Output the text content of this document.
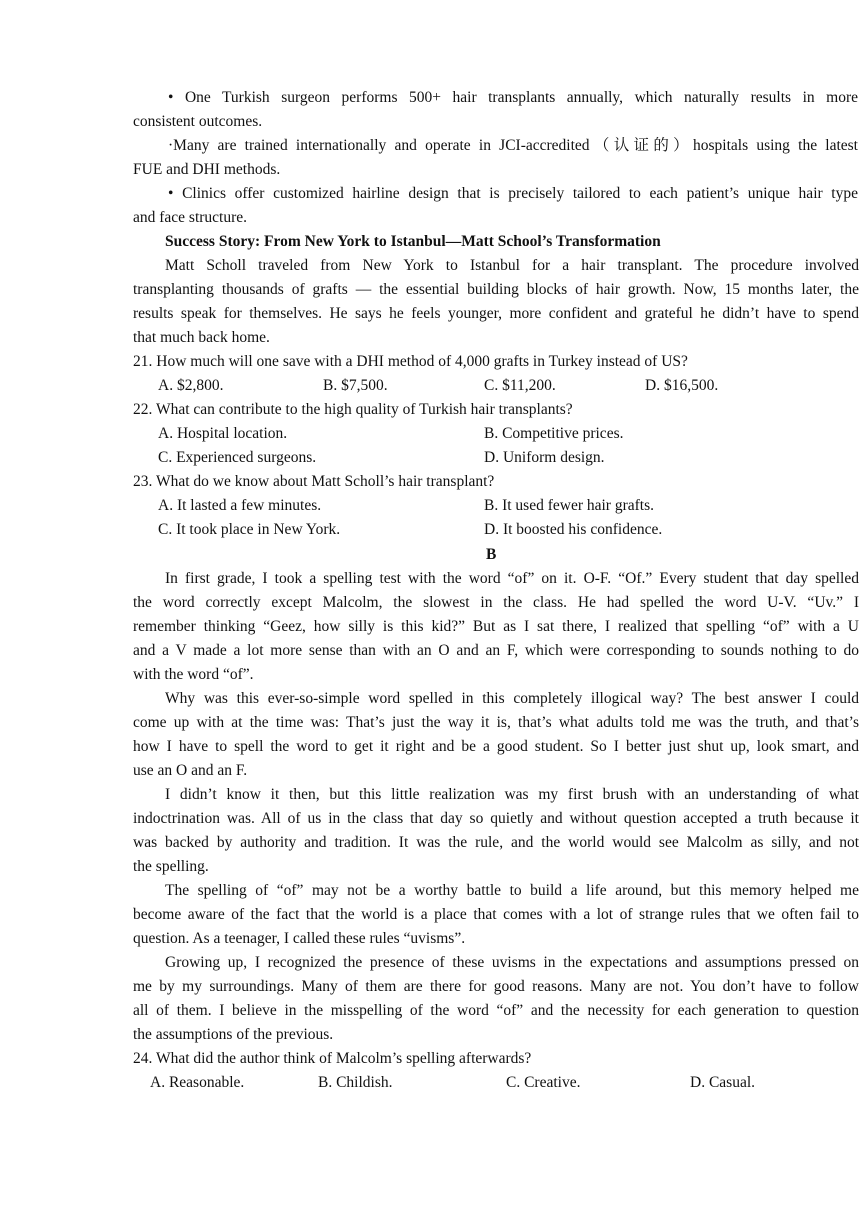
• One Turkish surgeon performs 500+ hair transplants annually, which naturally results in more
consistent outcomes.
·Many are trained internationally and operate in JCI-accredited（认证的）hospitals using the latest
FUE and DHI methods.
• Clinics offer customized hairline design that is precisely tailored to each patient’s unique hair type
and face structure.
Success Story: From New York to Istanbul—Matt School’s Transformation
Matt Scholl traveled from New York to Istanbul for a hair transplant. The procedure involved
transplanting thousands of grafts — the essential building blocks of hair growth. Now, 15 months later, the
results speak for themselves. He says he feels younger, more confident and grateful he didn’t have to spend
that much back home.
21. How much will one save with a DHI method of 4,000 grafts in Turkey instead of US?
A. $2,800.	B. $7,500.	C. $11,200.	D. $16,500.
22. What can contribute to the high quality of Turkish hair transplants?
A. Hospital location.	B. Competitive prices.
C. Experienced surgeons.	D. Uniform design.
23. What do we know about Matt Scholl’s hair transplant?
A. It lasted a few minutes.	B. It used fewer hair grafts.
C. It took place in New York.	D. It boosted his confidence.
B
In first grade, I took a spelling test with the word “of” on it. O-F. “Of.” Every student that day spelled
the word correctly except Malcolm, the slowest in the class. He had spelled the word U-V. “Uv.” I
remember thinking “Geez, how silly is this kid?” But as I sat there, I realized that spelling “of” with a U
and a V made a lot more sense than with an O and an F, which were corresponding to sounds nothing to do
with the word “of”.
Why was this ever-so-simple word spelled in this completely illogical way? The best answer I could
come up with at the time was: That’s just the way it is, that’s what adults told me was the truth, and that’s
how I have to spell the word to get it right and be a good student. So I better just shut up, look smart, and
use an O and an F.
I didn’t know it then, but this little realization was my first brush with an understanding of what
indoctrination was. All of us in the class that day so quietly and without question accepted a truth because it
was backed by authority and tradition. It was the rule, and the world would see Malcolm as silly, and not
the spelling.
The spelling of “of” may not be a worthy battle to build a life around, but this memory helped me
become aware of the fact that the world is a place that comes with a lot of strange rules that we often fail to
question. As a teenager, I called these rules “uvisms”.
Growing up, I recognized the presence of these uvisms in the expectations and assumptions pressed on
me by my surroundings. Many of them are there for good reasons. Many are not. You don’t have to follow
all of them. I believe in the misspelling of the word “of” and the necessity for each generation to question
the assumptions of the previous.
24. What did the author think of Malcolm’s spelling afterwards?
A. Reasonable.	B. Childish.	C. Creative.	D. Casual.
